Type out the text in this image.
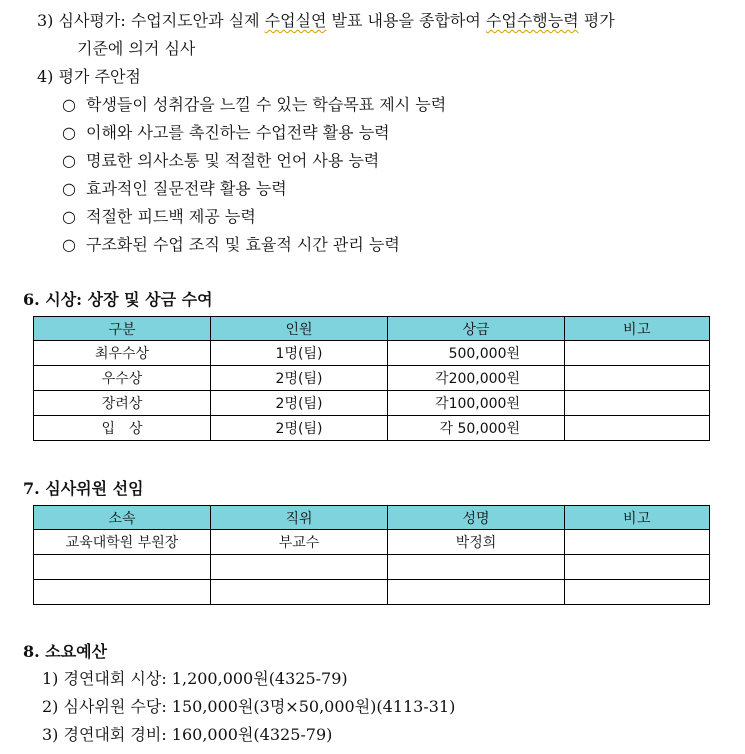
3) 심사평가: 수업지도안과 실제 수업실연 발표 내용을 종합하여 수업수행능력 평가
기준에 의거 심사
4) 평가 주안점
○ 학생들이 성취감을 느낄 수 있는 학습목표 제시 능력
○ 이해와 사고를 촉진하는 수업전략 활용 능력
○ 명료한 의사소통 및 적절한 언어 사용 능력
○ 효과적인 질문전략 활용 능력
○ 적절한 피드백 제공 능력
○ 구조화된 수업 조직 및 효율적 시간 관리 능력
6. 시상: 상장 및 상금 수여
구분	인원	상금	비고
최우수상	1명(팀)	500,000원	
우수상	2명(팀)	각200,000원	
장려상	2명(팀)	각100,000원	
입　상	2명(팀)	각 50,000원	
7. 심사위원 선임
소속	직위	성명	비고
교육대학원 부원장	부교수	박정희	

8. 소요예산
1) 경연대회 시상: 1,200,000원(4325-79)
2) 심사위원 수당: 150,000원(3명×50,000원)(4113-31)
3) 경연대회 경비: 160,000원(4325-79)
